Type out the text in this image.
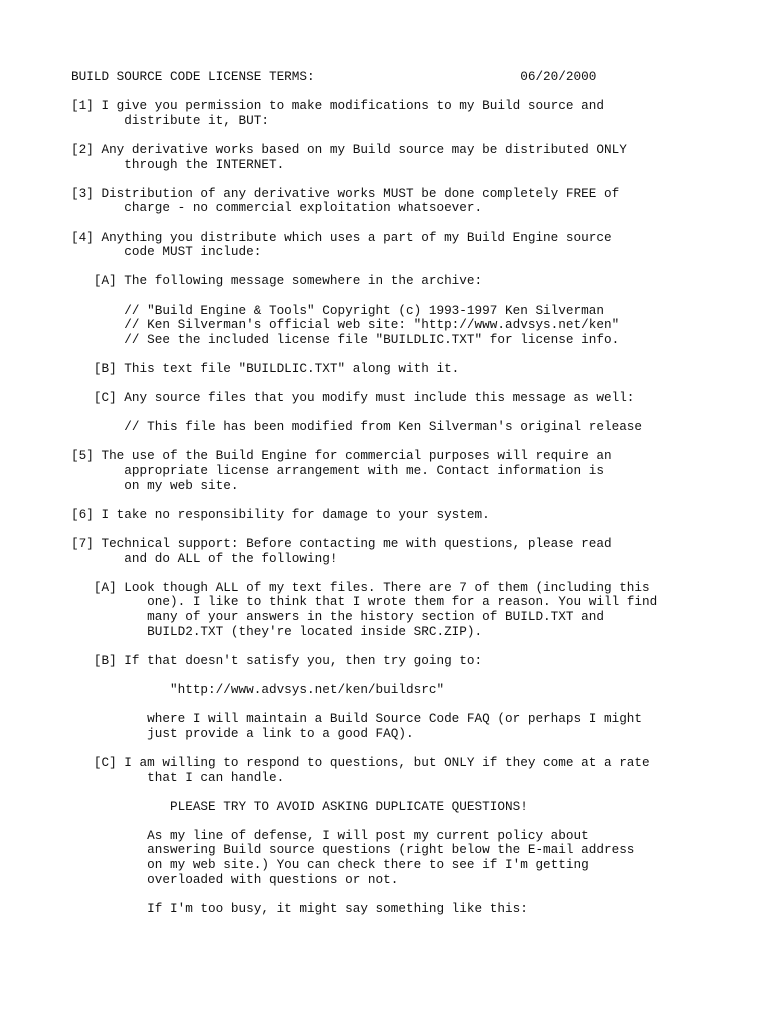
BUILD SOURCE CODE LICENSE TERMS:                           06/20/2000
[1] I give you permission to make modifications to my Build source and
distribute it, BUT:
[2] Any derivative works based on my Build source may be distributed ONLY
through the INTERNET.
[3] Distribution of any derivative works MUST be done completely FREE of
charge - no commercial exploitation whatsoever.
[4] Anything you distribute which uses a part of my Build Engine source
code MUST include:
[A] The following message somewhere in the archive:
// "Build Engine & Tools" Copyright (c) 1993-1997 Ken Silverman
// Ken Silverman's official web site: "http://www.advsys.net/ken"
// See the included license file "BUILDLIC.TXT" for license info.
[B] This text file "BUILDLIC.TXT" along with it.
[C] Any source files that you modify must include this message as well:
// This file has been modified from Ken Silverman's original release
[5] The use of the Build Engine for commercial purposes will require an
appropriate license arrangement with me. Contact information is
on my web site.
[6] I take no responsibility for damage to your system.
[7] Technical support: Before contacting me with questions, please read
and do ALL of the following!
[A] Look though ALL of my text files. There are 7 of them (including this
one). I like to think that I wrote them for a reason. You will find
many of your answers in the history section of BUILD.TXT and
BUILD2.TXT (they're located inside SRC.ZIP).
[B] If that doesn't satisfy you, then try going to:
"http://www.advsys.net/ken/buildsrc"
where I will maintain a Build Source Code FAQ (or perhaps I might
just provide a link to a good FAQ).
[C] I am willing to respond to questions, but ONLY if they come at a rate
that I can handle.
PLEASE TRY TO AVOID ASKING DUPLICATE QUESTIONS!
As my line of defense, I will post my current policy about
answering Build source questions (right below the E-mail address
on my web site.) You can check there to see if I'm getting
overloaded with questions or not.
If I'm too busy, it might say something like this:
